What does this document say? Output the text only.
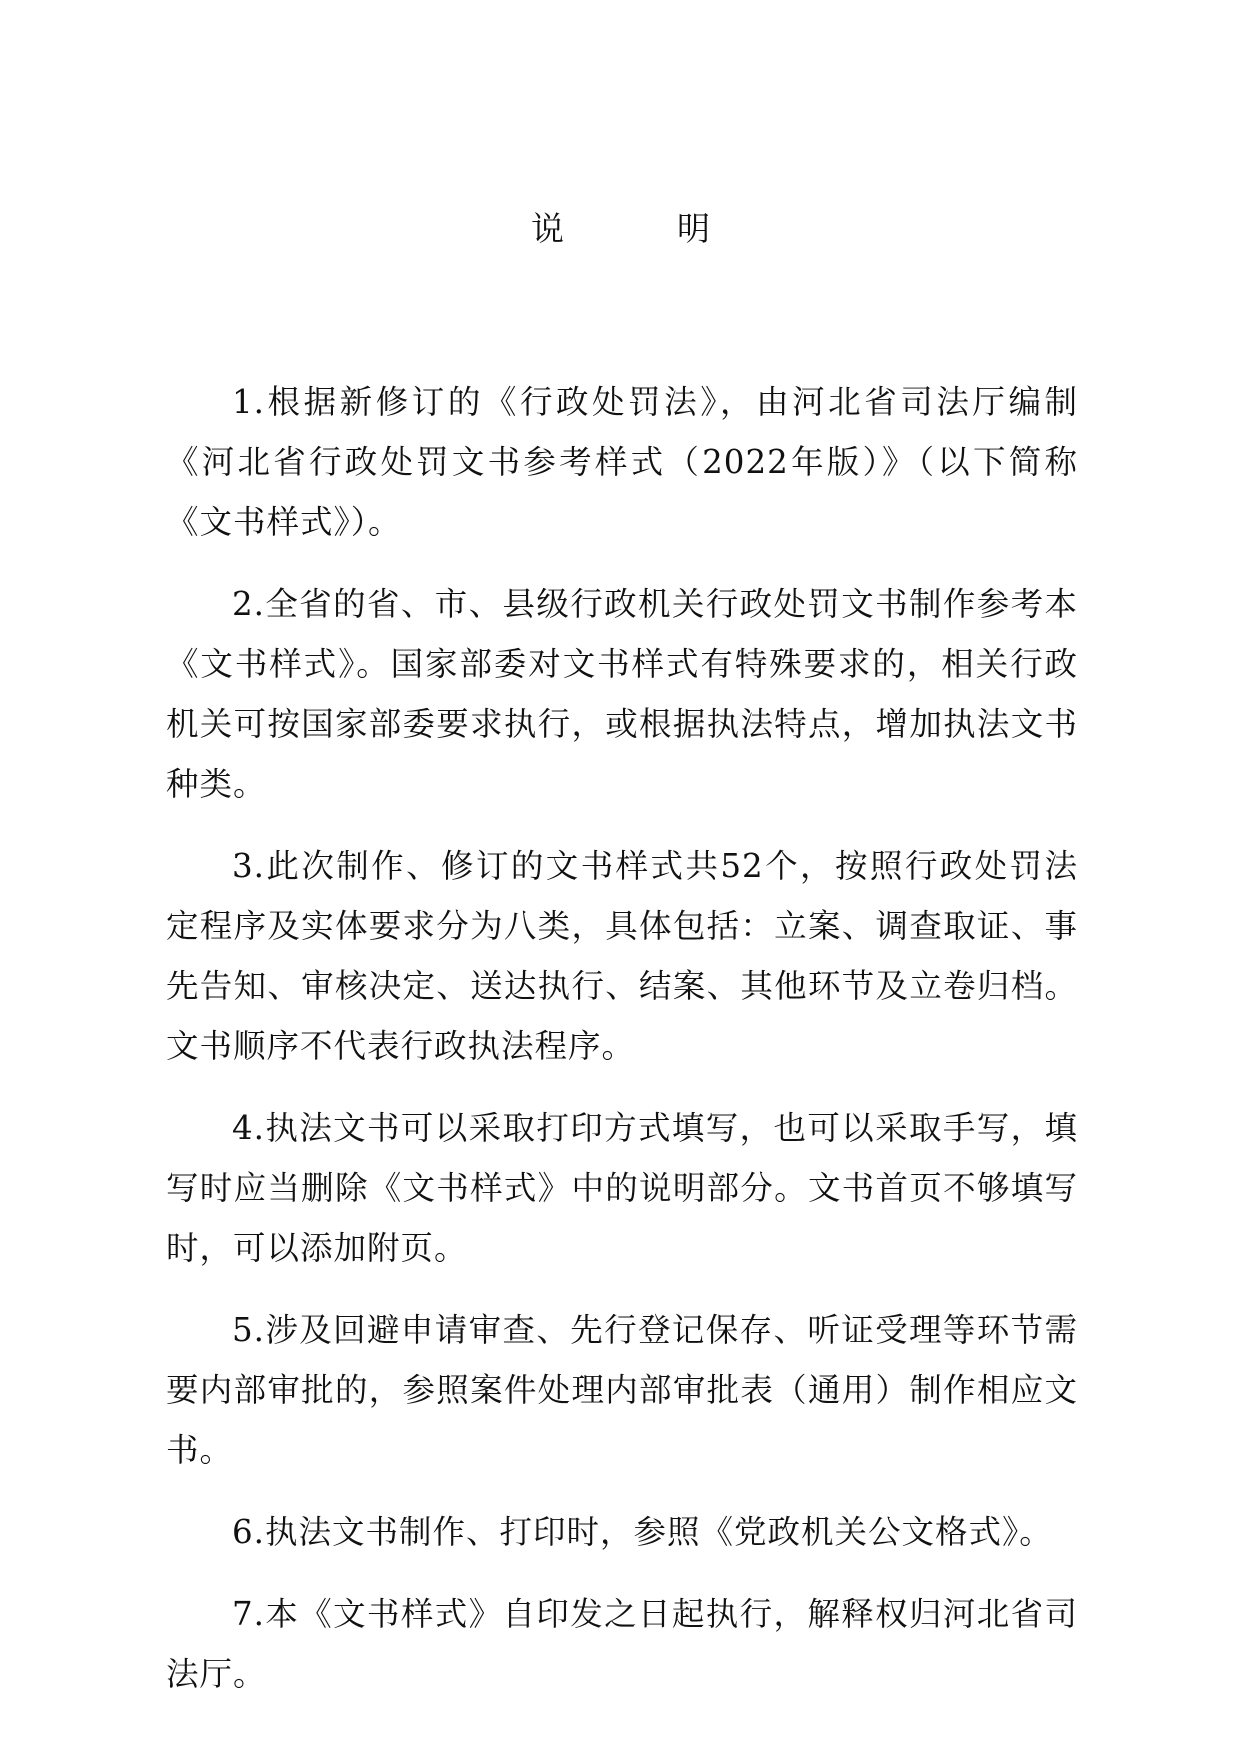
说　明

1.根据新修订的《行政处罚法》，由河北省司法厅编制《河北省行政处罚文书参考样式（2022年版）》（以下简称《文书样式》）。

2.全省的省、市、县级行政机关行政处罚文书制作参考本《文书样式》。国家部委对文书样式有特殊要求的，相关行政机关可按国家部委要求执行，或根据执法特点，增加执法文书种类。

3.此次制作、修订的文书样式共52个，按照行政处罚法定程序及实体要求分为八类，具体包括：立案、调查取证、事先告知、审核决定、送达执行、结案、其他环节及立卷归档。文书顺序不代表行政执法程序。

4.执法文书可以采取打印方式填写，也可以采取手写，填写时应当删除《文书样式》中的说明部分。文书首页不够填写时，可以添加附页。

5.涉及回避申请审查、先行登记保存、听证受理等环节需要内部审批的，参照案件处理内部审批表（通用）制作相应文书。

6.执法文书制作、打印时，参照《党政机关公文格式》。

7.本《文书样式》自印发之日起执行，解释权归河北省司法厅。
